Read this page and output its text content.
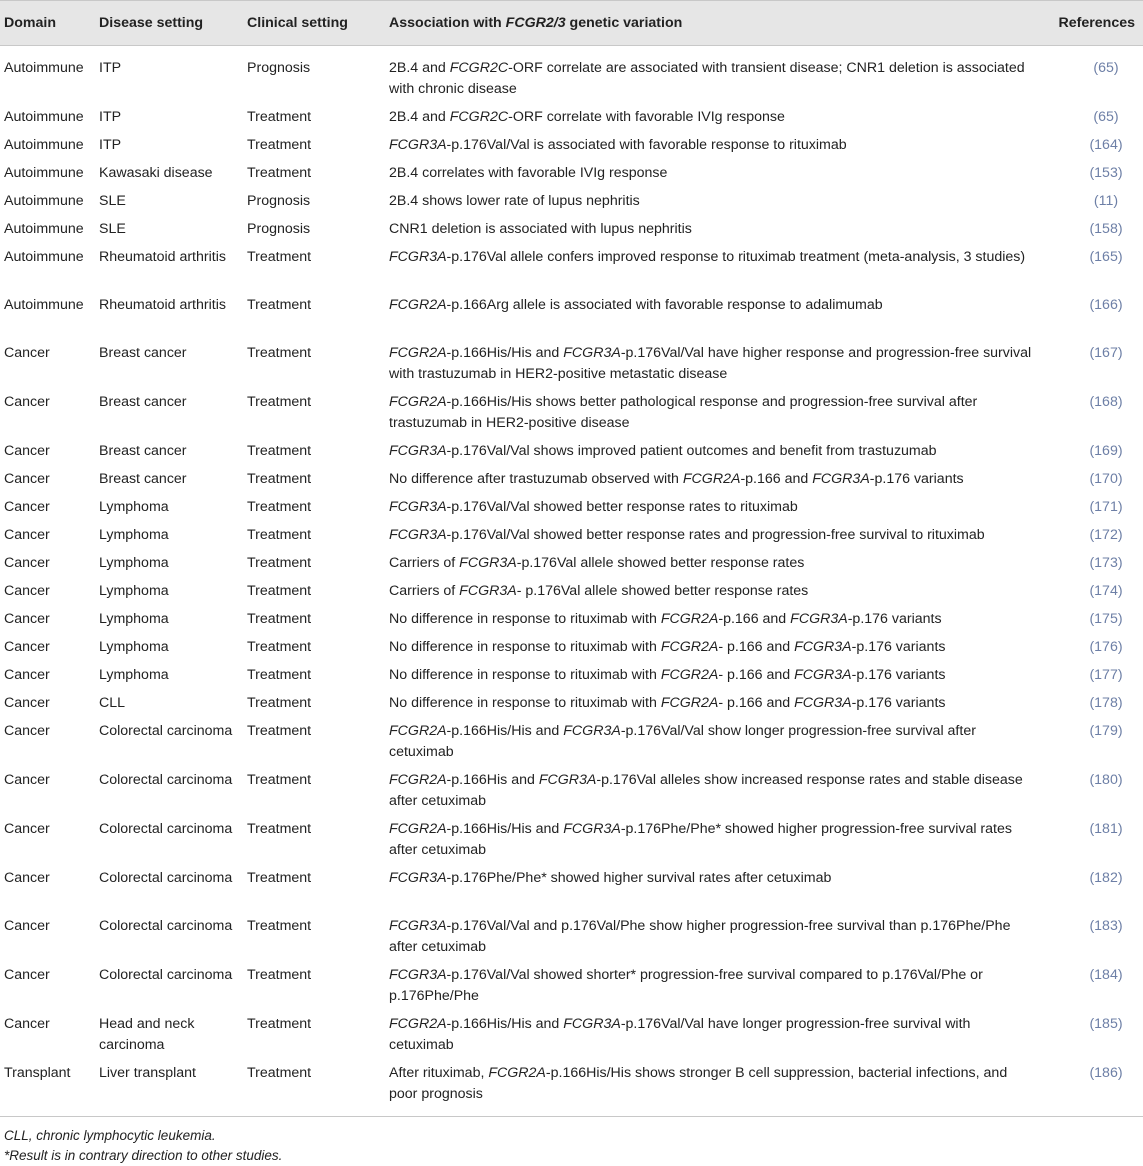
Domain	Disease setting	Clinical setting	Association with FCGR2/3 genetic variation	References
Autoimmune	ITP	Prognosis	2B.4 and FCGR2C-ORF correlate are associated with transient disease; CNR1 deletion is associated with chronic disease	(65)
Autoimmune	ITP	Treatment	2B.4 and FCGR2C-ORF correlate with favorable IVIg response	(65)
Autoimmune	ITP	Treatment	FCGR3A-p.176Val/Val is associated with favorable response to rituximab	(164)
Autoimmune	Kawasaki disease	Treatment	2B.4 correlates with favorable IVIg response	(153)
Autoimmune	SLE	Prognosis	2B.4 shows lower rate of lupus nephritis	(11)
Autoimmune	SLE	Prognosis	CNR1 deletion is associated with lupus nephritis	(158)
Autoimmune	Rheumatoid arthritis	Treatment	FCGR3A-p.176Val allele confers improved response to rituximab treatment (meta-analysis, 3 studies)	(165)
Autoimmune	Rheumatoid arthritis	Treatment	FCGR2A-p.166Arg allele is associated with favorable response to adalimumab	(166)
Cancer	Breast cancer	Treatment	FCGR2A-p.166His/His and FCGR3A-p.176Val/Val have higher response and progression-free survival with trastuzumab in HER2-positive metastatic disease	(167)
Cancer	Breast cancer	Treatment	FCGR2A-p.166His/His shows better pathological response and progression-free survival after trastuzumab in HER2-positive disease	(168)
Cancer	Breast cancer	Treatment	FCGR3A-p.176Val/Val shows improved patient outcomes and benefit from trastuzumab	(169)
Cancer	Breast cancer	Treatment	No difference after trastuzumab observed with FCGR2A-p.166 and FCGR3A-p.176 variants	(170)
Cancer	Lymphoma	Treatment	FCGR3A-p.176Val/Val showed better response rates to rituximab	(171)
Cancer	Lymphoma	Treatment	FCGR3A-p.176Val/Val showed better response rates and progression-free survival to rituximab	(172)
Cancer	Lymphoma	Treatment	Carriers of FCGR3A-p.176Val allele showed better response rates	(173)
Cancer	Lymphoma	Treatment	Carriers of FCGR3A- p.176Val allele showed better response rates	(174)
Cancer	Lymphoma	Treatment	No difference in response to rituximab with FCGR2A-p.166 and FCGR3A-p.176 variants	(175)
Cancer	Lymphoma	Treatment	No difference in response to rituximab with FCGR2A- p.166 and FCGR3A-p.176 variants	(176)
Cancer	Lymphoma	Treatment	No difference in response to rituximab with FCGR2A- p.166 and FCGR3A-p.176 variants	(177)
Cancer	CLL	Treatment	No difference in response to rituximab with FCGR2A- p.166 and FCGR3A-p.176 variants	(178)
Cancer	Colorectal carcinoma	Treatment	FCGR2A-p.166His/His and FCGR3A-p.176Val/Val show longer progression-free survival after cetuximab	(179)
Cancer	Colorectal carcinoma	Treatment	FCGR2A-p.166His and FCGR3A-p.176Val alleles show increased response rates and stable disease after cetuximab	(180)
Cancer	Colorectal carcinoma	Treatment	FCGR2A-p.166His/His and FCGR3A-p.176Phe/Phe* showed higher progression-free survival rates after cetuximab	(181)
Cancer	Colorectal carcinoma	Treatment	FCGR3A-p.176Phe/Phe* showed higher survival rates after cetuximab	(182)
Cancer	Colorectal carcinoma	Treatment	FCGR3A-p.176Val/Val and p.176Val/Phe show higher progression-free survival than p.176Phe/Phe after cetuximab	(183)
Cancer	Colorectal carcinoma	Treatment	FCGR3A-p.176Val/Val showed shorter* progression-free survival compared to p.176Val/Phe or p.176Phe/Phe	(184)
Cancer	Head and neck carcinoma	Treatment	FCGR2A-p.166His/His and FCGR3A-p.176Val/Val have longer progression-free survival with cetuximab	(185)
Transplant	Liver transplant	Treatment	After rituximab, FCGR2A-p.166His/His shows stronger B cell suppression, bacterial infections, and poor prognosis	(186)
CLL, chronic lymphocytic leukemia.
*Result is in contrary direction to other studies.
